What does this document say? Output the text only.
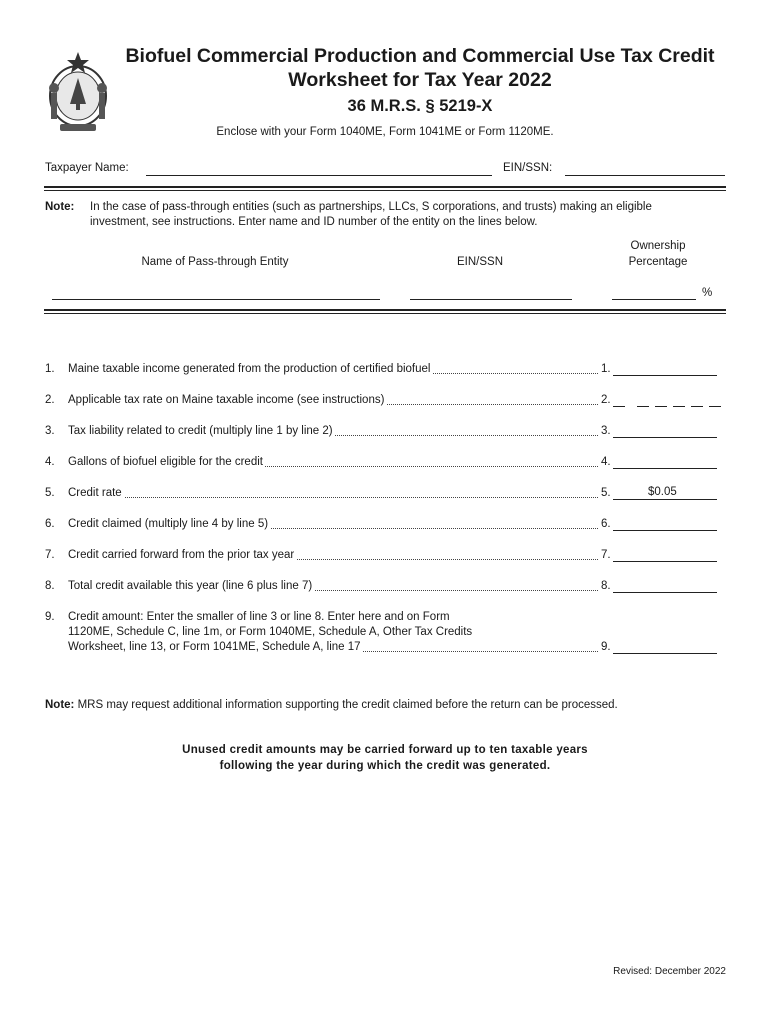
Biofuel Commercial Production and Commercial Use Tax Credit
Worksheet for Tax Year 2022
36 M.R.S. § 5219-X
Enclose with your Form 1040ME, Form 1041ME or Form 1120ME.
Taxpayer Name:	EIN/SSN:
Note: In the case of pass-through entities (such as partnerships, LLCs, S corporations, and trusts) making an eligible
investment, see instructions. Enter name and ID number of the entity on the lines below.
Name of Pass-through Entity	EIN/SSN
Ownership
Percentage
%
1. Maine taxable income generated from the production of certified biofuel	1.
2. Applicable tax rate on Maine taxable income (see instructions)	2.
3. Tax liability related to credit (multiply line 1 by line 2)	3.
4. Gallons of biofuel eligible for the credit	4.
5. Credit rate	5.	$0.05
6. Credit claimed (multiply line 4 by line 5)	6.
7. Credit carried forward from the prior tax year	7.
8. Total credit available this year (line 6 plus line 7)	8.
9. Credit amount: Enter the smaller of line 3 or line 8. Enter here and on Form
1120ME, Schedule C, line 1m, or Form 1040ME, Schedule A, Other Tax Credits
Worksheet, line 13, or Form 1041ME, Schedule A, line 17	9.
Note: MRS may request additional information supporting the credit claimed before the return can be processed.
Unused credit amounts may be carried forward up to ten taxable years
following the year during which the credit was generated.
Revised: December 2022
